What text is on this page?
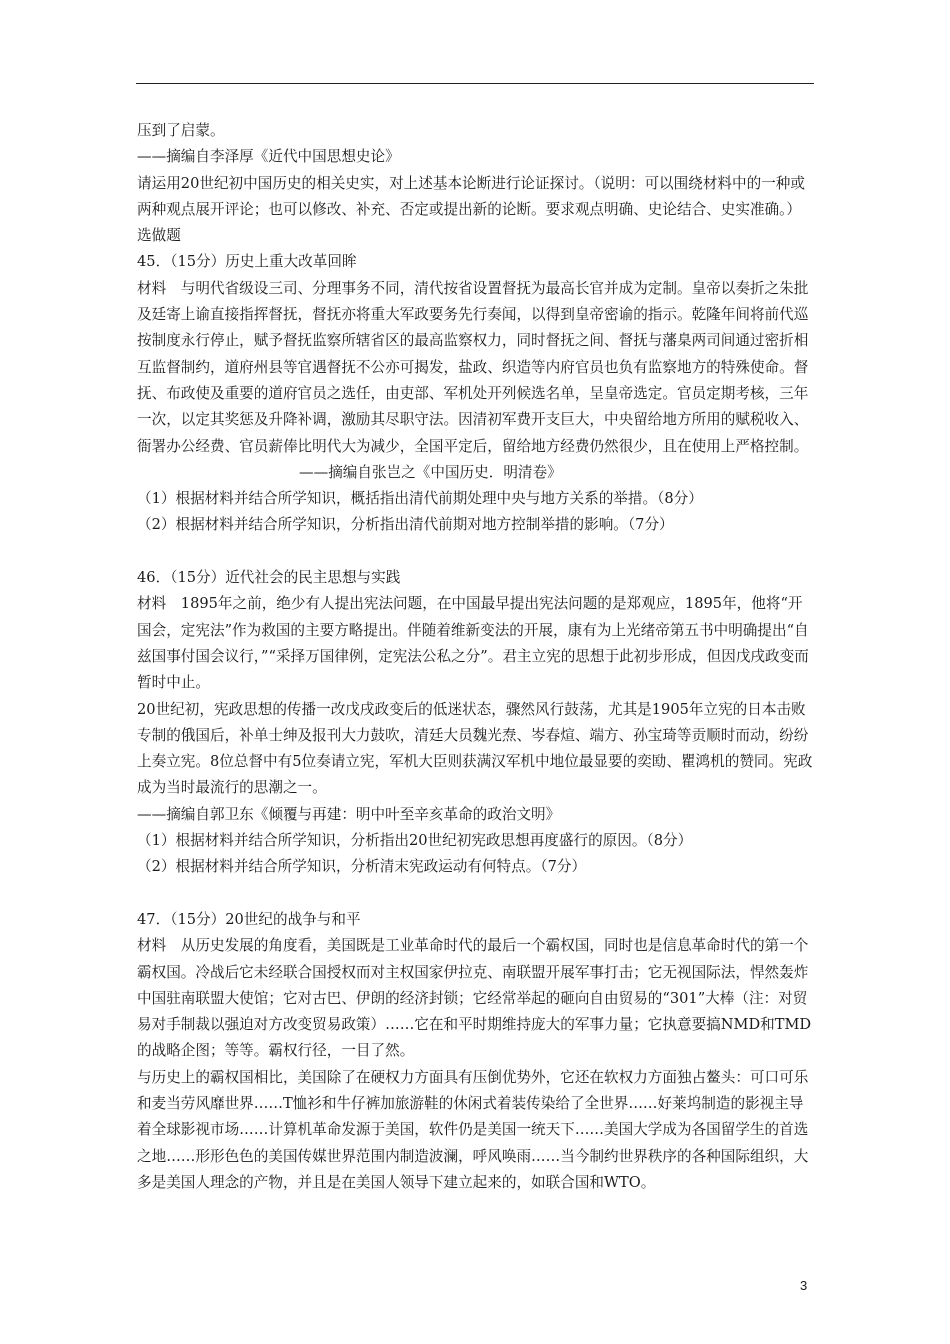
压到了启蒙。

——摘编自李泽厚《近代中国思想史论》

请运用20世纪初中国历史的相关史实，对上述基本论断进行论证探讨。（说明：可以围绕材料中的一种或两种观点展开评论；也可以修改、补充、否定或提出新的论断。要求观点明确、史论结合、史实准确。）

选做题

45．（15分）历史上重大改革回眸

材料　与明代省级设三司、分理事务不同，清代按省设置督抚为最高长官并成为定制。皇帝以奏折之朱批及廷寄上谕直接指挥督抚，督抚亦将重大军政要务先行奏闻，以得到皇帝密谕的指示。乾隆年间将前代巡按制度永行停止，赋予督抚监察所辖省区的最高监察权力，同时督抚之间、督抚与藩臬两司间通过密折相互监督制约，道府州县等官遇督抚不公亦可揭发，盐政、织造等内府官员也负有监察地方的特殊使命。督抚、布政使及重要的道府官员之选任，由吏部、军机处开列候选名单，呈皇帝选定。官员定期考核，三年一次，以定其奖惩及升降补调，激励其尽职守法。因清初军费开支巨大，中央留给地方所用的赋税收入、衙署办公经费、官员薪俸比明代大为减少，全国平定后，留给地方经费仍然很少，且在使用上严格控制。

——摘编自张岂之《中国历史．明清卷》

（1）根据材料并结合所学知识，概括指出清代前期处理中央与地方关系的举措。（8分）

（2）根据材料并结合所学知识，分析指出清代前期对地方控制举措的影响。（7分）

46．（15分）近代社会的民主思想与实践

材料　1895年之前，绝少有人提出宪法问题，在中国最早提出宪法问题的是郑观应，1895年，他将“开国会，定宪法”作为救国的主要方略提出。伴随着维新变法的开展，康有为上光绪帝第五书中明确提出“自兹国事付国会议行，”“采择万国律例，定宪法公私之分”。君主立宪的思想于此初步形成，但因戊戌政变而暂时中止。

20世纪初，宪政思想的传播一改戊戌政变后的低迷状态，骤然风行鼓荡，尤其是1905年立宪的日本击败专制的俄国后，补单士绅及报刊大力鼓吹，清廷大员魏光焘、岑春煊、端方、孙宝琦等贡顺时而动，纷纷上奏立宪。8位总督中有5位奏请立宪，军机大臣则获满汉军机中地位最显要的奕劻、瞿鸿机的赞同。宪政成为当时最流行的思潮之一。

——摘编自郭卫东《倾覆与再建：明中叶至辛亥革命的政治文明》

（1）根据材料并结合所学知识，分析指出20世纪初宪政思想再度盛行的原因。（8分）

（2）根据材料并结合所学知识，分析清末宪政运动有何特点。（7分）

47．（15分）20世纪的战争与和平

材料　从历史发展的角度看，美国既是工业革命时代的最后一个霸权国，同时也是信息革命时代的第一个霸权国。冷战后它未经联合国授权而对主权国家伊拉克、南联盟开展军事打击；它无视国际法，悍然轰炸中国驻南联盟大使馆；它对古巴、伊朗的经济封锁；它经常举起的砸向自由贸易的“301”大棒（注：对贸易对手制裁以强迫对方改变贸易政策）……它在和平时期维持庞大的军事力量；它执意要搞NMD和TMD的战略企图；等等。霸权行径，一目了然。

与历史上的霸权国相比，美国除了在硬权力方面具有压倒优势外，它还在软权力方面独占鳌头：可口可乐和麦当劳风靡世界……T恤衫和牛仔裤加旅游鞋的休闲式着装传染给了全世界……好莱坞制造的影视主导着全球影视市场……计算机革命发源于美国，软件仍是美国一统天下……美国大学成为各国留学生的首选之地……形形色色的美国传媒世界范围内制造波澜，呼风唤雨……当今制约世界秩序的各种国际组织，大多是美国人理念的产物，并且是在美国人领导下建立起来的，如联合国和WTO。

3
